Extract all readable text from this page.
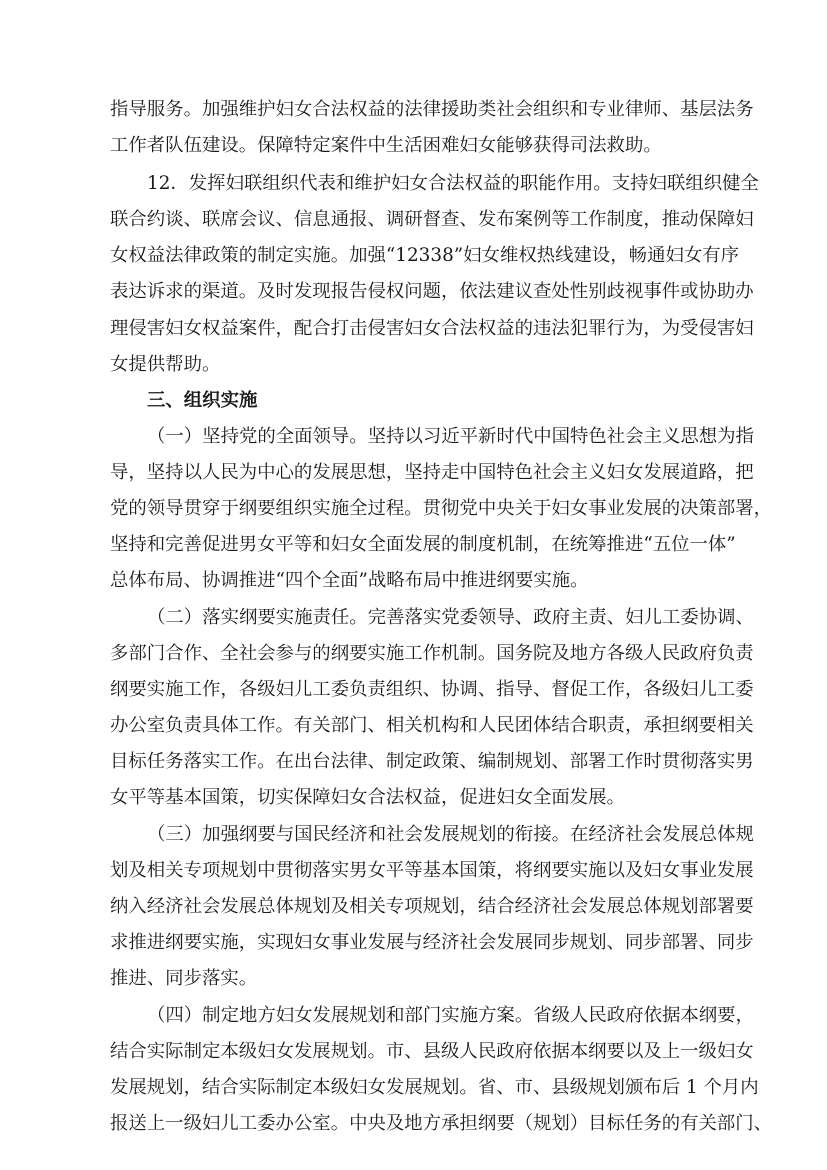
指导服务。加强维护妇女合法权益的法律援助类社会组织和专业律师、基层法务

工作者队伍建设。保障特定案件中生活困难妇女能够获得司法救助。

12．发挥妇联组织代表和维护妇女合法权益的职能作用。支持妇联组织健全

联合约谈、联席会议、信息通报、调研督查、发布案例等工作制度，推动保障妇

女权益法律政策的制定实施。加强“12338”妇女维权热线建设，畅通妇女有序

表达诉求的渠道。及时发现报告侵权问题，依法建议查处性别歧视事件或协助办

理侵害妇女权益案件，配合打击侵害妇女合法权益的违法犯罪行为，为受侵害妇

女提供帮助。

三、组织实施

（一）坚持党的全面领导。坚持以习近平新时代中国特色社会主义思想为指

导，坚持以人民为中心的发展思想，坚持走中国特色社会主义妇女发展道路，把

党的领导贯穿于纲要组织实施全过程。贯彻党中央关于妇女事业发展的决策部署，

坚持和完善促进男女平等和妇女全面发展的制度机制，在统筹推进“五位一体”

总体布局、协调推进“四个全面”战略布局中推进纲要实施。

（二）落实纲要实施责任。完善落实党委领导、政府主责、妇儿工委协调、

多部门合作、全社会参与的纲要实施工作机制。国务院及地方各级人民政府负责

纲要实施工作，各级妇儿工委负责组织、协调、指导、督促工作，各级妇儿工委

办公室负责具体工作。有关部门、相关机构和人民团体结合职责，承担纲要相关

目标任务落实工作。在出台法律、制定政策、编制规划、部署工作时贯彻落实男

女平等基本国策，切实保障妇女合法权益，促进妇女全面发展。

（三）加强纲要与国民经济和社会发展规划的衔接。在经济社会发展总体规

划及相关专项规划中贯彻落实男女平等基本国策，将纲要实施以及妇女事业发展

纳入经济社会发展总体规划及相关专项规划，结合经济社会发展总体规划部署要

求推进纲要实施，实现妇女事业发展与经济社会发展同步规划、同步部署、同步

推进、同步落实。

（四）制定地方妇女发展规划和部门实施方案。省级人民政府依据本纲要，

结合实际制定本级妇女发展规划。市、县级人民政府依据本纲要以及上一级妇女

发展规划，结合实际制定本级妇女发展规划。省、市、县级规划颁布后 1 个月内

报送上一级妇儿工委办公室。中央及地方承担纲要（规划）目标任务的有关部门、
